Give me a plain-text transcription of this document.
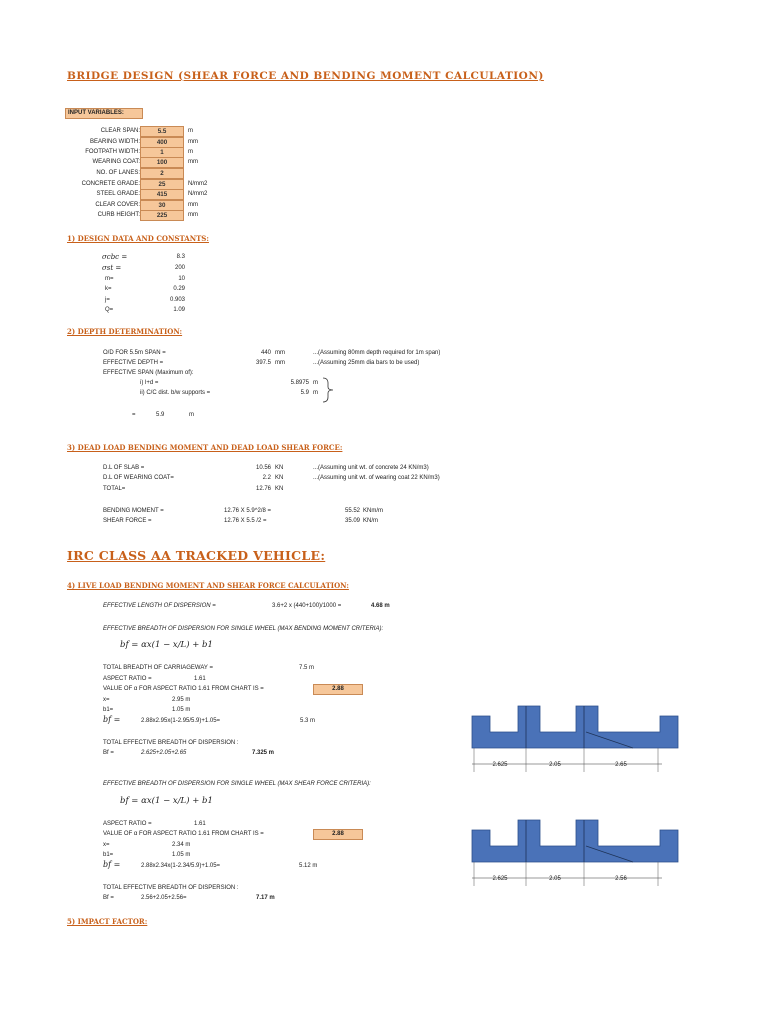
BRIDGE DESIGN (SHEAR FORCE AND BENDING MOMENT CALCULATION)
INPUT VARIABLES:
CLEAR SPAN:	5.5	m
BEARING WIDTH:	400	mm
FOOTPATH WIDTH:	1	m
WEARING COAT:	100	mm
NO. OF LANES:	2
CONCRETE GRADE:	25	N/mm2
STEEL GRADE:	415	N/mm2
CLEAR COVER:	30	mm
CURB HEIGHT:	225	mm
1) DESIGN DATA AND CONSTANTS:
σcbc =	8.3
σst =	200
m=	10
k=	0.29
j=	0.903
Q=	1.09
2) DEPTH DETERMINATION:
O/D FOR 5.5m SPAN =	440 mm	...(Assuming 80mm depth required for 1m span)
EFFECTIVE DEPTH =	397.5 mm	...(Assuming 25mm dia bars to be used)
EFFECTIVE SPAN (Maximum of):
i) l+d =	5.8975 m
ii) C/C dist. b/w supports =	5.9 m
=	5.9	m
3) DEAD LOAD BENDING MOMENT AND DEAD LOAD SHEAR FORCE:
D.L OF SLAB =	10.56 KN	...(Assuming unit wt. of concrete 24 KN/m3)
D.L OF WEARING COAT=	2.2 KN	...(Assuming unit wt. of wearing coat 22 KN/m3)
TOTAL=	12.76 KN
BENDING MOMENT =	12.76 X 5.9^2/8 =	55.52 KNm/m
SHEAR FORCE =	12.76 X 5.5 /2 =	35.09 KN/m
IRC CLASS AA TRACKED VEHICLE:
4) LIVE LOAD BENDING MOMENT AND SHEAR FORCE CALCULATION:
EFFECTIVE LENGTH OF DISPERSION =	3.6+2 x (440+100)/1000 =	4.68 m
EFFECTIVE BREADTH OF DISPERSION FOR SINGLE WHEEL (MAX BENDING MOMENT CRITERIA):
bf = αx(1 − x/L) + b1
TOTAL BREADTH OF CARRIAGEWAY =	7.5 m
ASPECT RATIO =	1.61
VALUE OF α FOR ASPECT RATIO 1.61 FROM CHART IS =	2.88
x=	2.95 m
b1=	1.05 m
bf =	2.88x2.95x(1-2.95/5.9)+1.05=	5.3 m
TOTAL EFFECTIVE BREADTH OF DISPERSION :
Bf =	2.625+2.05+2.65	7.325 m
2.625	2.05	2.65
EFFECTIVE BREADTH OF DISPERSION FOR SINGLE WHEEL (MAX SHEAR FORCE CRITERIA):
bf = αx(1 − x/L) + b1
ASPECT RATIO =	1.61
VALUE OF α FOR ASPECT RATIO 1.61 FROM CHART IS =	2.88
x=	2.34 m
b1=	1.05 m
bf =	2.88x2.34x(1-2.34/5.9)+1.05=	5.12 m
TOTAL EFFECTIVE BREADTH OF DISPERSION :
Bf =	2.56+2.05+2.56=	7.17 m
2.625	2.05	2.56
5) IMPACT FACTOR:
